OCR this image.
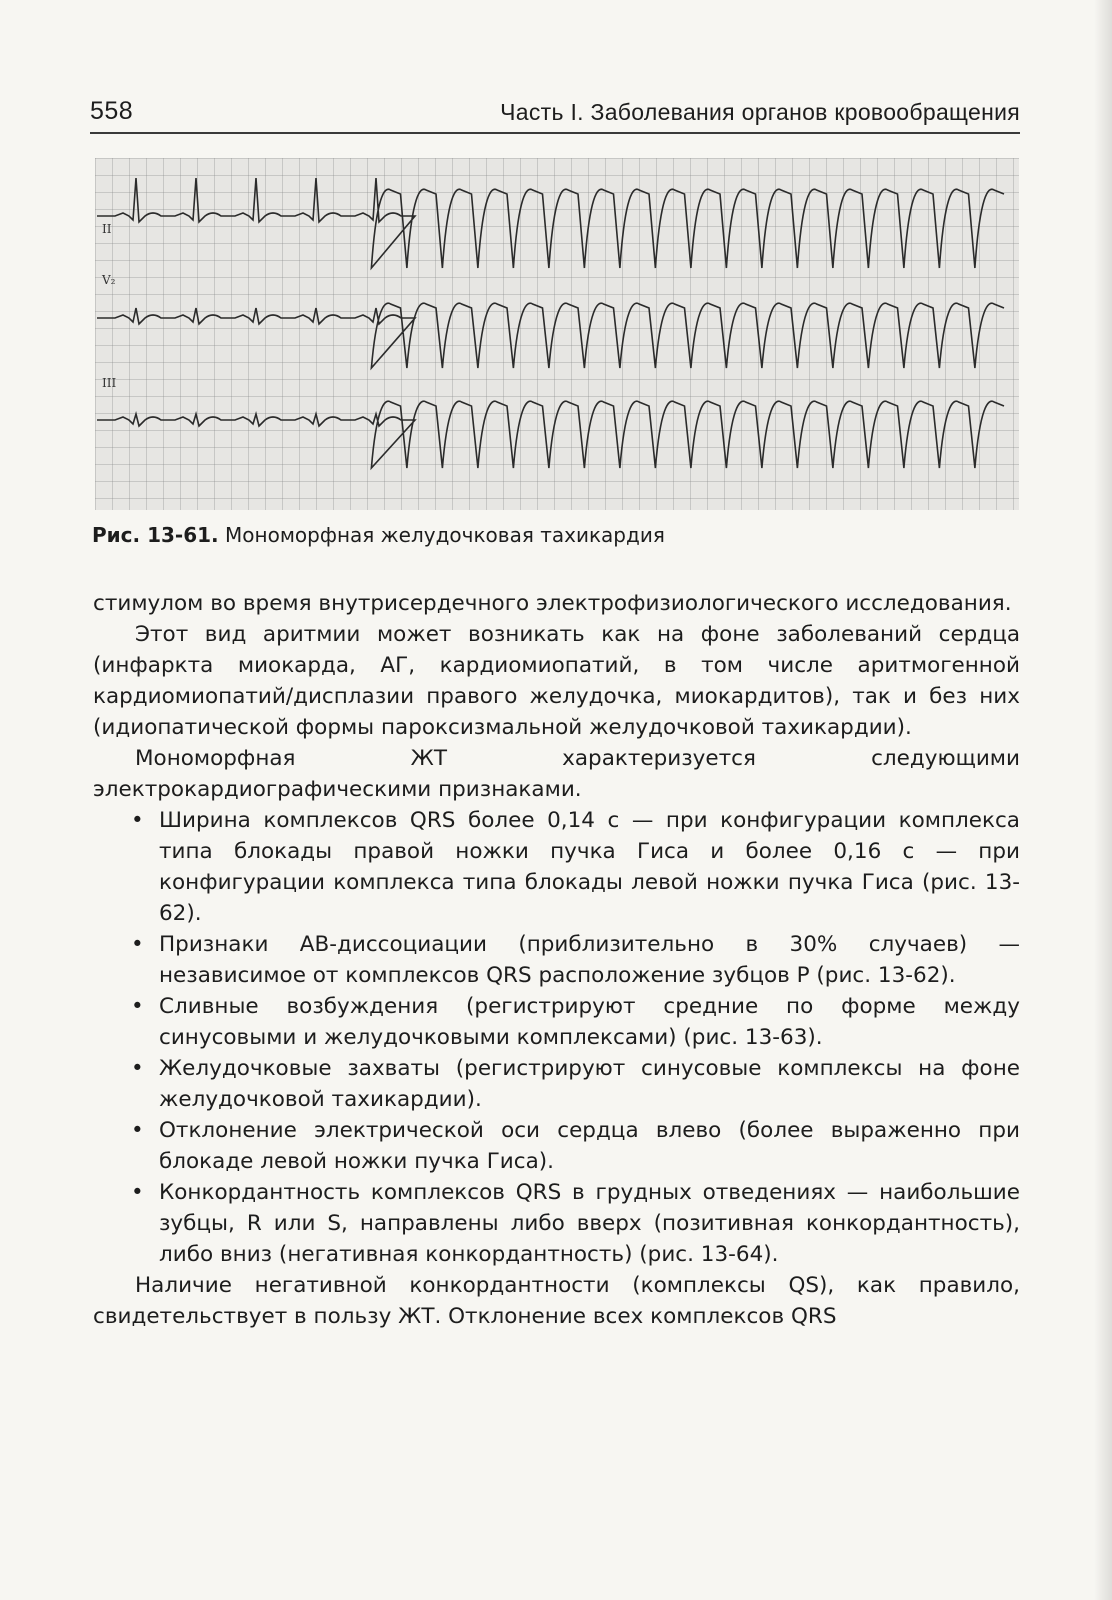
558	Часть I. Заболевания органов кровообращения
II
V₂
III
Рис. 13-61. Мономорфная желудочковая тахикардия

стимулом во время внутрисердечного электрофизиологического исследования.

Этот вид аритмии может возникать как на фоне заболеваний сердца (инфаркта миокарда, АГ, кардиомиопатий, в том числе аритмогенной кардиомиопатий/дисплазии правого желудочка, миокардитов), так и без них (идиопатической формы пароксизмальной желудочковой тахикардии).

Мономорфная ЖТ характеризуется следующими электрокардиографическими признаками.

• Ширина комплексов QRS более 0,14 с — при конфигурации комплекса типа блокады правой ножки пучка Гиса и более 0,16 с — при конфигурации комплекса типа блокады левой ножки пучка Гиса (рис. 13-62).
• Признаки АВ-диссоциации (приблизительно в 30% случаев) — независимое от комплексов QRS расположение зубцов P (рис. 13-62).
• Сливные возбуждения (регистрируют средние по форме между синусовыми и желудочковыми комплексами) (рис. 13-63).
• Желудочковые захваты (регистрируют синусовые комплексы на фоне желудочковой тахикардии).
• Отклонение электрической оси сердца влево (более выраженно при блокаде левой ножки пучка Гиса).
• Конкордантность комплексов QRS в грудных отведениях — наибольшие зубцы, R или S, направлены либо вверх (позитивная конкордантность), либо вниз (негативная конкордантность) (рис. 13-64).

Наличие негативной конкордантности (комплексы QS), как правило, свидетельствует в пользу ЖТ. Отклонение всех комплексов QRS
